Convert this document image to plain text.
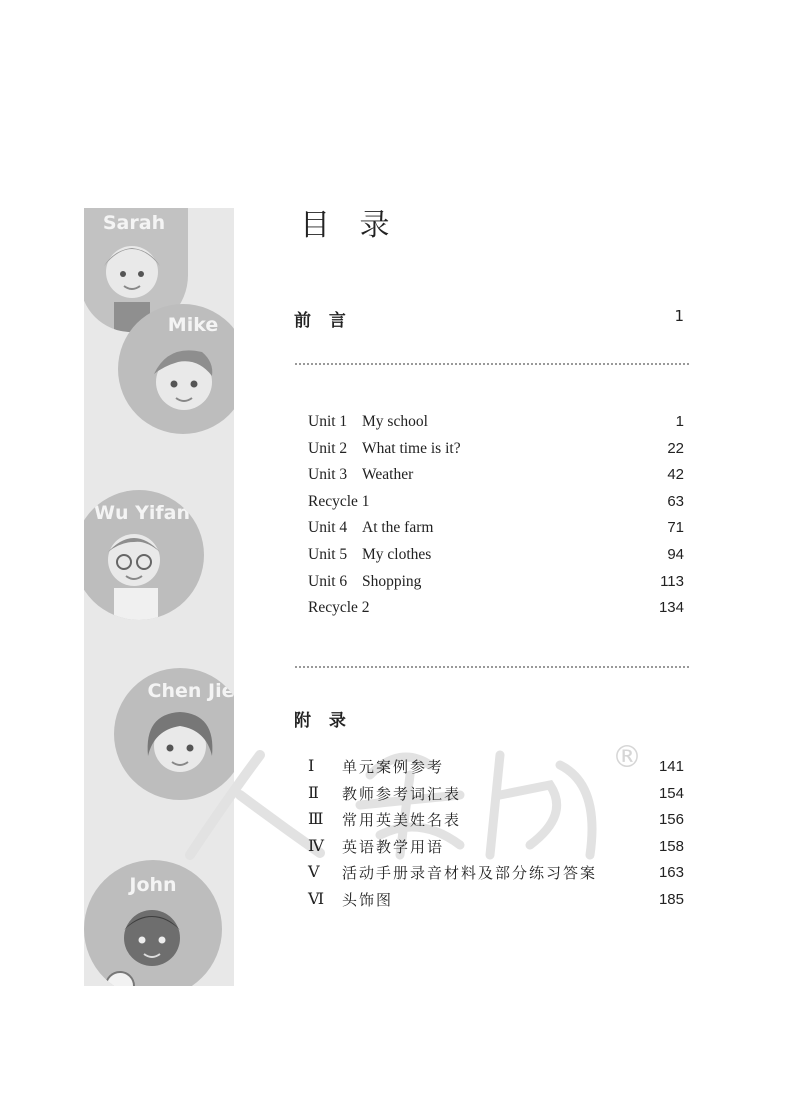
Sarah
Mike
Wu Yifan
Chen Jie
John
®
目 录
前 言	1
Unit 1 My school	1
Unit 2 What time is it?	22
Unit 3 Weather	42
Recycle 1	63
Unit 4 At the farm	71
Unit 5 My clothes	94
Unit 6 Shopping	113
Recycle 2	134
附 录
Ⅰ 单元案例参考	141
Ⅱ 教师参考词汇表	154
Ⅲ 常用英美姓名表	156
Ⅳ 英语教学用语	158
Ⅴ 活动手册录音材料及部分练习答案	163
Ⅵ 头饰图	185
